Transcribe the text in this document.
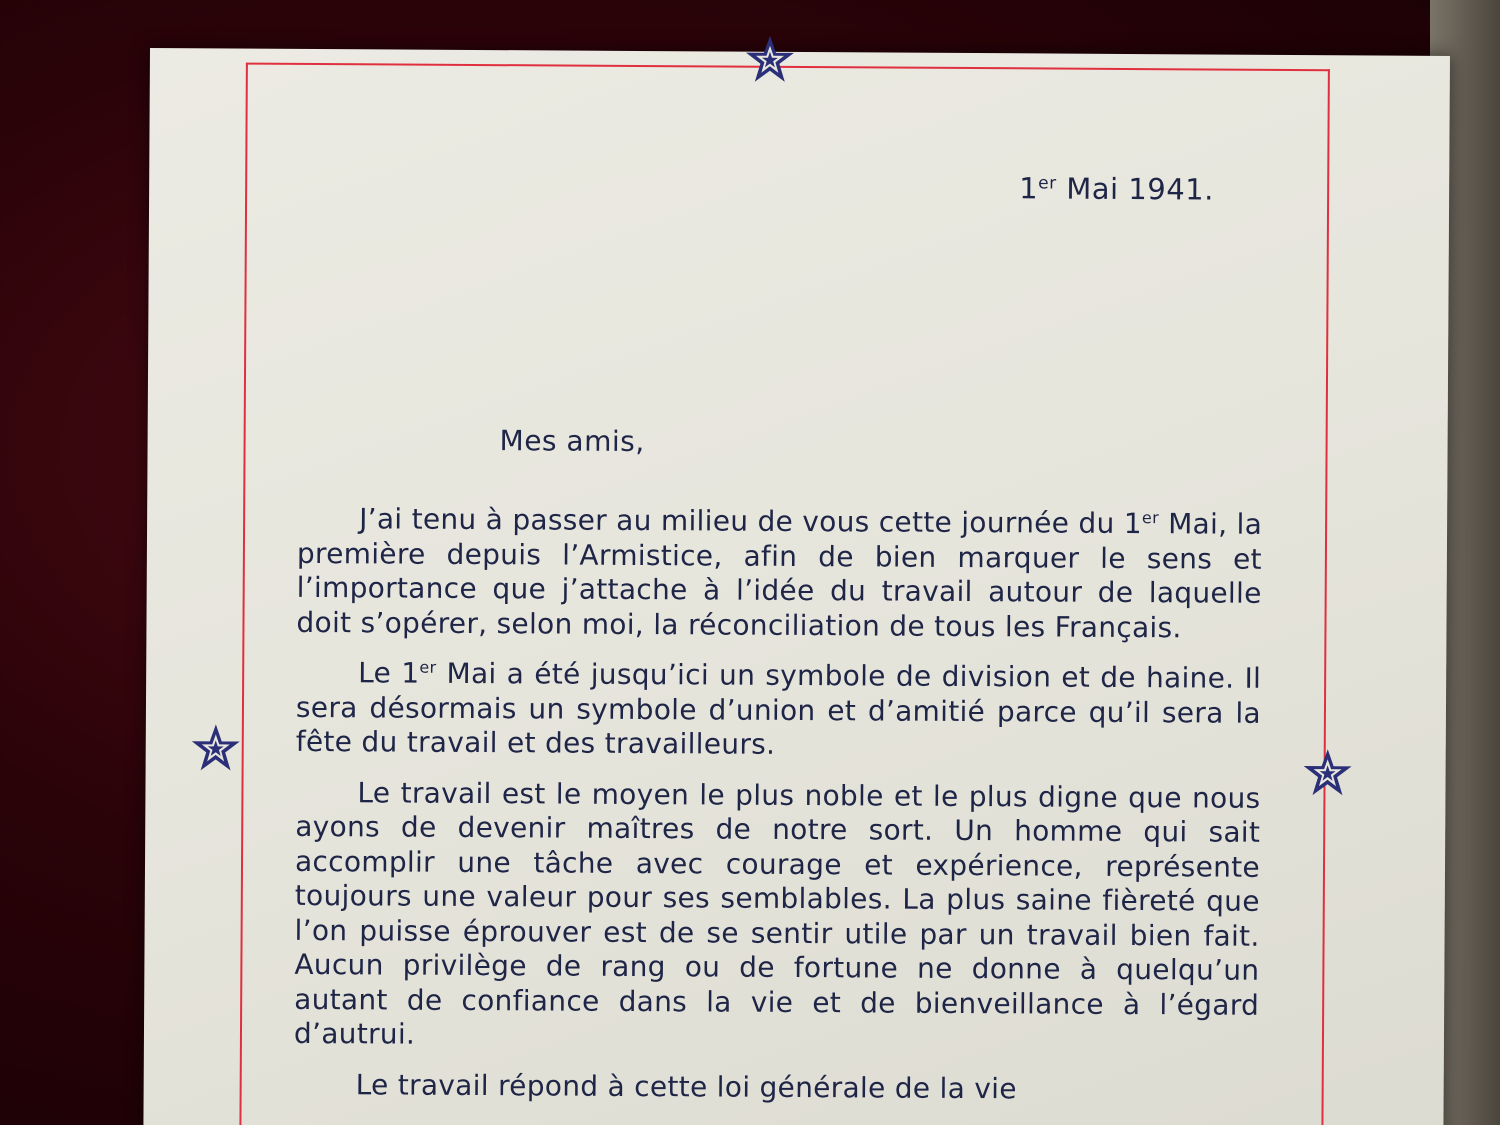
1er Mai 1941.
Mes amis,

J’ai tenu à passer au milieu de vous cette journée du 1er Mai, la première depuis l’Armistice, afin de bien marquer le sens et l’importance que j’attache à l’idée du travail autour de laquelle doit s’opérer, selon moi, la réconciliation de tous les Français.

Le 1er Mai a été jusqu’ici un symbole de division et de haine. Il sera désormais un symbole d’union et d’amitié parce qu’il sera la fête du travail et des travailleurs.

Le travail est le moyen le plus noble et le plus digne que nous ayons de devenir maîtres de notre sort. Un homme qui sait accomplir une tâche avec courage et expérience, représente toujours une valeur pour ses semblables. La plus saine fièreté que l’on puisse éprouver est de se sentir utile par un travail bien fait. Aucun privilège de rang ou de fortune ne donne à quelqu’un autant de confiance dans la vie et de bienveillance à l’égard d’autrui.

Le travail répond à cette loi générale de la vie
